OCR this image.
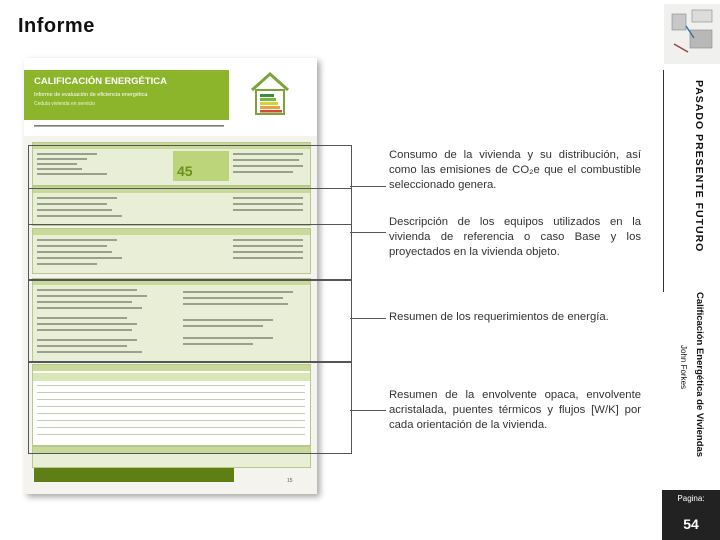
Informe
CALIFICACIÓN ENERGÉTICA
Informe de evaluación de eficiencia energética
Cedula vivienda en servicio
45
15
Consumo de la vivienda y su distribución, así como las emisiones de CO₂e que el combustible seleccionado genera.
Descripción de los equipos utilizados en la vivienda de referencia o caso Base y los proyectados en la vivienda objeto.
Resumen de los requerimientos de energía.
Resumen de la envolvente opaca, envolvente acristalada, puentes térmicos y flujos [W/K] por cada orientación de la vivienda.
PASADO PRESENTE FUTURO
Calificación Energética de Viviendas
John Forkes
Pagina:
54
